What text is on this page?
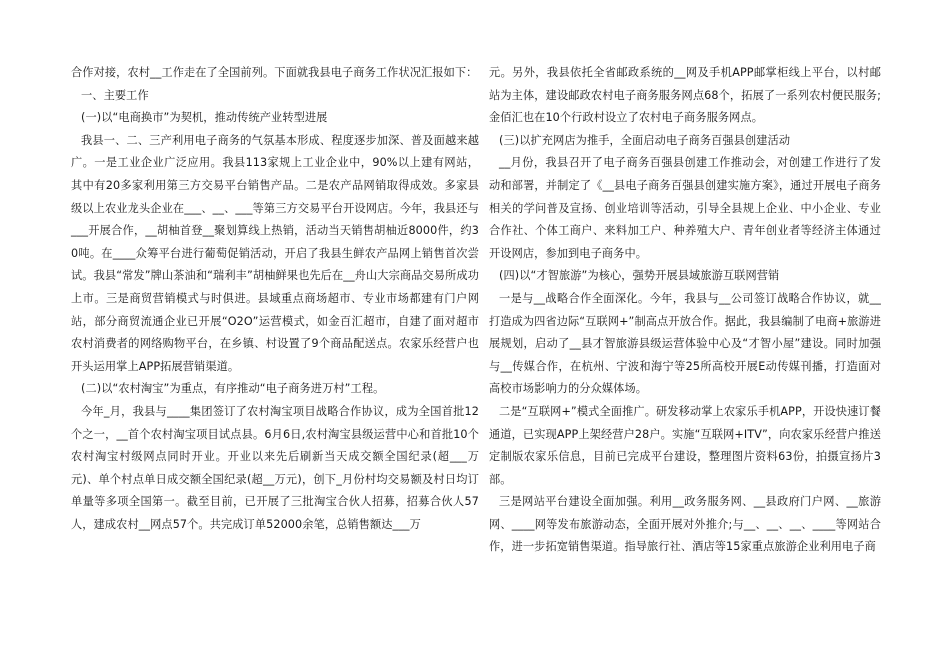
合作对接，农村__工作走在了全国前列。下面就我县电子商务工作状况汇报如下：

一、主要工作

(一)以“电商换市”为契机，推动传统产业转型进展

我县一、二、三产利用电子商务的气氛基本形成、程度逐步加深、普及面越来越广。一是工业企业广泛应用。我县113家规上工业企业中，90%以上建有网站，其中有20多家利用第三方交易平台销售产品。二是农产品网销取得成效。多家县级以上农业龙头企业在___、__、___等第三方交易平台开设网店。今年，我县还与___开展合作，__胡柚首登__聚划算线上热销，活动当天销售胡柚近8000件，约30吨。在____众筹平台进行葡萄促销活动，开启了我县生鲜农产品网上销售首次尝试。我县“常发”牌山茶油和“瑞利丰”胡柚鲜果也先后在__舟山大宗商品交易所成功上市。三是商贸营销模式与时俱进。县域重点商场超市、专业市场都建有门户网站，部分商贸流通企业已开展“O2O”运营模式，如金百汇超市，自建了面对超市农村消费者的网络购物平台，在乡镇、村设置了9个商品配送点。农家乐经营户也开头运用掌上APP拓展营销渠道。

(二)以“农村淘宝”为重点，有序推动“电子商务进万村”工程。

今年_月，我县与____集团签订了农村淘宝项目战略合作协议，成为全国首批12个之一，__首个农村淘宝项目试点县。6月6日,农村淘宝县级运营中心和首批10个农村淘宝村级网点同时开业。开业以来先后刷新当天成交额全国纪录(超___万元)、单个村点单日成交额全国纪录(超__万元)，创下_月份村均交易额及村日均订单量等多项全国第一。截至目前，已开展了三批淘宝合伙人招募，招募合伙人57人，建成农村__网点57个。共完成订单52000余笔，总销售额达___万

元。另外，我县依托全省邮政系统的__网及手机APP邮掌柜线上平台，以村邮站为主体，建设邮政农村电子商务服务网点68个，拓展了一系列农村便民服务;金佰汇也在10个行政村设立了农村电子商务服务网点。

(三)以扩充网店为推手，全面启动电子商务百强县创建活动

__月份，我县召开了电子商务百强县创建工作推动会，对创建工作进行了发动和部署，并制定了《__县电子商务百强县创建实施方案》，通过开展电子商务相关的学问普及宣扬、创业培训等活动，引导全县规上企业、中小企业、专业合作社、个体工商户、来料加工户、种养殖大户、青年创业者等经济主体通过开设网店，参加到电子商务中。

(四)以“才智旅游”为核心，强势开展县域旅游互联网营销

一是与__战略合作全面深化。今年，我县与__公司签订战略合作协议，就__打造成为四省边际“互联网+”制高点开放合作。据此，我县编制了电商+旅游进展规划，启动了__县才智旅游县级运营体验中心及“才智小屋”建设。同时加强与__传媒合作，在杭州、宁波和海宁等25所高校开展E动传媒刊播，打造面对高校市场影响力的分众媒体场。

二是“互联网+”模式全面推广。研发移动掌上农家乐手机APP，开设快速订餐通道，已实现APP上架经营户28户。实施“互联网+ITV”，向农家乐经营户推送定制版农家乐信息，目前已完成平台建设，整理图片资料63份，拍摄宣扬片3部。

三是网站平台建设全面加强。利用__政务服务网、__县政府门户网、__旅游网、____网等发布旅游动态，全面开展对外推介;与__、__、__、____等网站合作，进一步拓宽销售渠道。指导旅行社、酒店等15家重点旅游企业利用电子商
